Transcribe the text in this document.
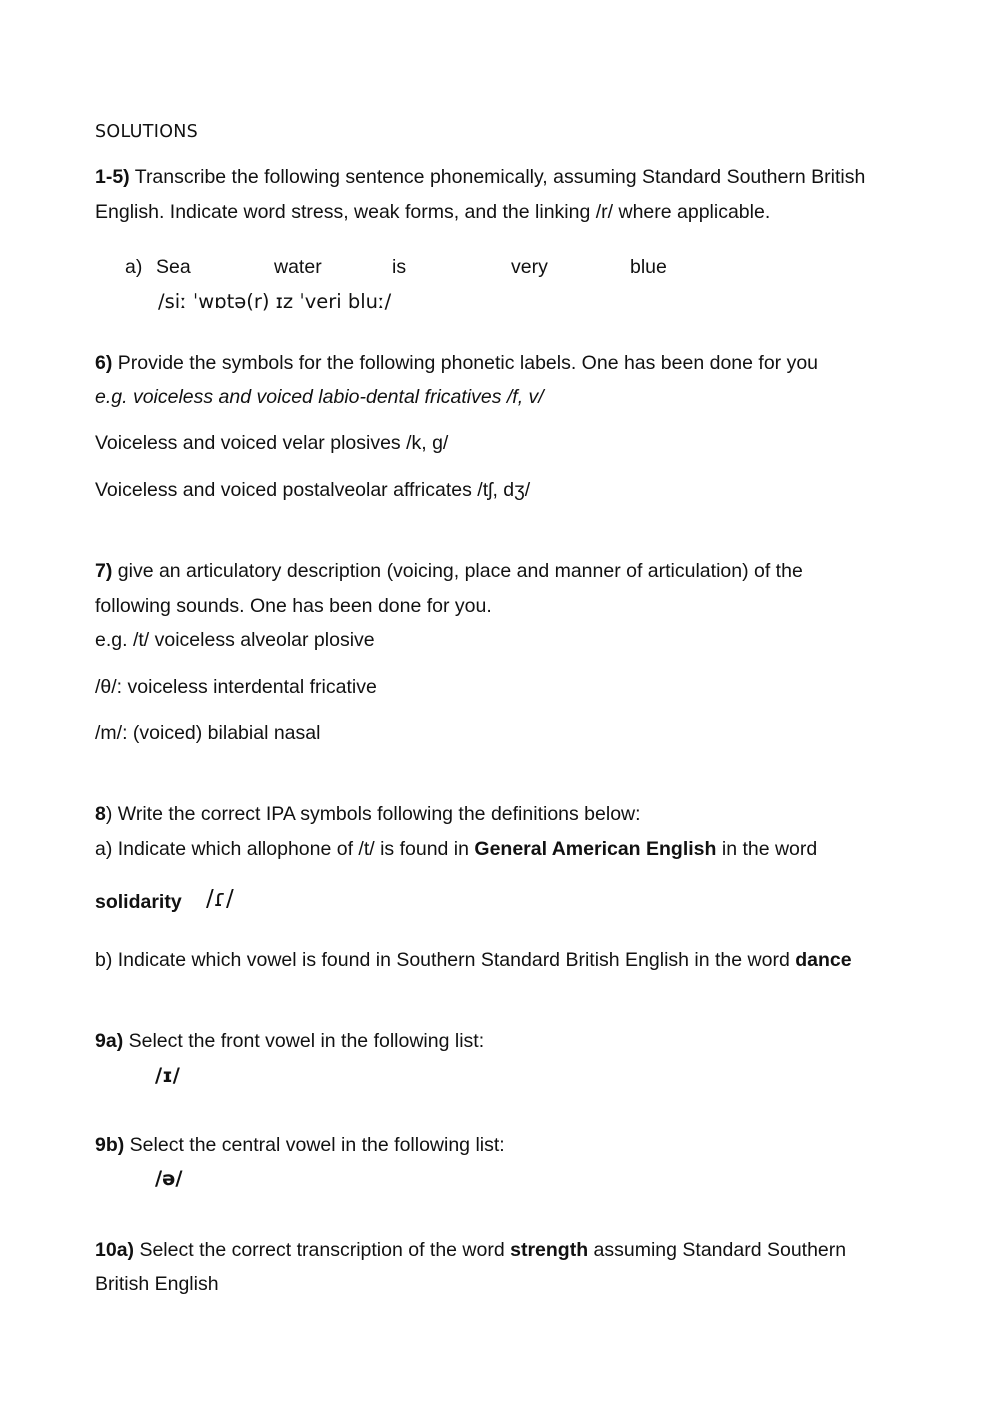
SOLUTIONS
1-5) Transcribe the following sentence phonemically, assuming Standard Southern British
English. Indicate word stress, weak forms, and the linking /r/ where applicable.
a) Sea	water	is	very	blue
/siː ˈwɒtə(r) ɪz ˈveri bluː/
6) Provide the symbols for the following phonetic labels. One has been done for you
e.g. voiceless and voiced labio-dental fricatives /f, v/
Voiceless and voiced velar plosives /k, g/
Voiceless and voiced postalveolar affricates /tʃ, dʒ/
7) give an articulatory description (voicing, place and manner of articulation) of the
following sounds. One has been done for you.
e.g. /t/ voiceless alveolar plosive
/θ/: voiceless interdental fricative
/m/: (voiced) bilabial nasal
8) Write the correct IPA symbols following the definitions below:
a) Indicate which allophone of /t/ is found in General American English in the word
solidarity /ɾ/
b) Indicate which vowel is found in Southern Standard British English in the word dance
9a) Select the front vowel in the following list:
/ɪ/
9b) Select the central vowel in the following list:
/ə/
10a) Select the correct transcription of the word strength assuming Standard Southern
British English
